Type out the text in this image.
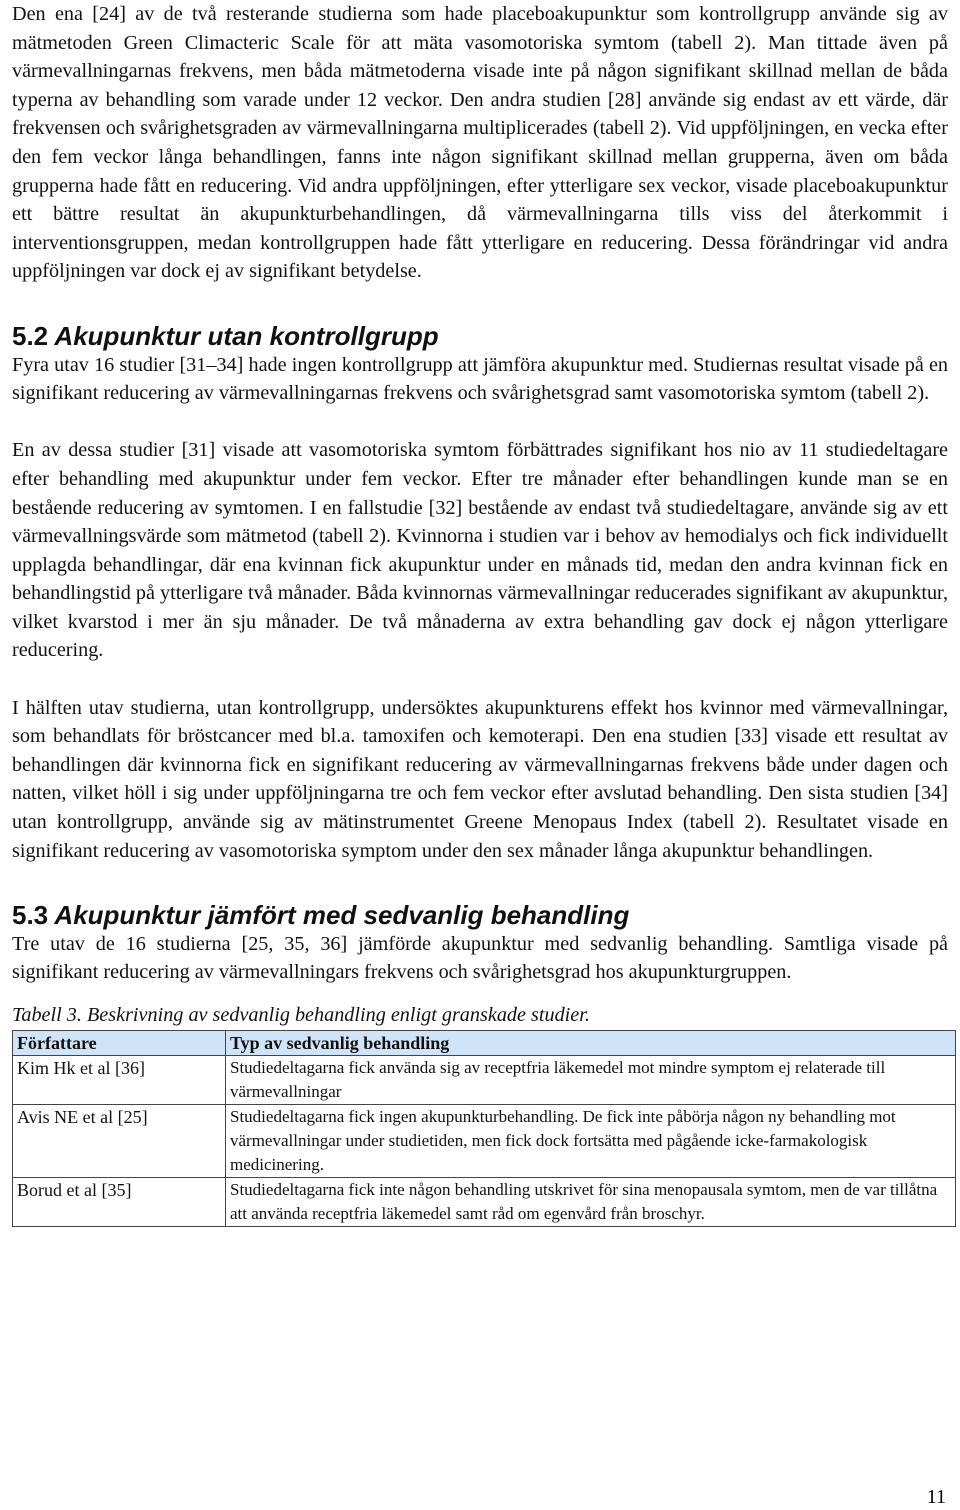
Den ena [24] av de två resterande studierna som hade placeboakupunktur som kontrollgrupp använde sig av mätmetoden Green Climacteric Scale för att mäta vasomotoriska symtom (tabell 2). Man tittade även på värmevallningarnas frekvens, men båda mätmetoderna visade inte på någon signifikant skillnad mellan de båda typerna av behandling som varade under 12 veckor. Den andra studien [28] använde sig endast av ett värde, där frekvensen och svårighetsgraden av värmevallningarna multiplicerades (tabell 2). Vid uppföljningen, en vecka efter den fem veckor långa behandlingen, fanns inte någon signifikant skillnad mellan grupperna, även om båda grupperna hade fått en reducering. Vid andra uppföljningen, efter ytterligare sex veckor, visade placeboakupunktur ett bättre resultat än akupunkturbehandlingen, då värmevallningarna tills viss del återkommit i interventionsgruppen, medan kontrollgruppen hade fått ytterligare en reducering. Dessa förändringar vid andra uppföljningen var dock ej av signifikant betydelse.

5.2 Akupunktur utan kontrollgrupp

Fyra utav 16 studier [31–34] hade ingen kontrollgrupp att jämföra akupunktur med. Studiernas resultat visade på en signifikant reducering av värmevallningarnas frekvens och svårighetsgrad samt vasomotoriska symtom (tabell 2).

En av dessa studier [31] visade att vasomotoriska symtom förbättrades signifikant hos nio av 11 studiedeltagare efter behandling med akupunktur under fem veckor. Efter tre månader efter behandlingen kunde man se en bestående reducering av symtomen. I en fallstudie [32] bestående av endast två studiedeltagare, använde sig av ett värmevallningsvärde som mätmetod (tabell 2). Kvinnorna i studien var i behov av hemodialys och fick individuellt upplagda behandlingar, där ena kvinnan fick akupunktur under en månads tid, medan den andra kvinnan fick en behandlingstid på ytterligare två månader. Båda kvinnornas värmevallningar reducerades signifikant av akupunktur, vilket kvarstod i mer än sju månader. De två månaderna av extra behandling gav dock ej någon ytterligare reducering.

I hälften utav studierna, utan kontrollgrupp, undersöktes akupunkturens effekt hos kvinnor med värmevallningar, som behandlats för bröstcancer med bl.a. tamoxifen och kemoterapi. Den ena studien [33] visade ett resultat av behandlingen där kvinnorna fick en signifikant reducering av värmevallningarnas frekvens både under dagen och natten, vilket höll i sig under uppföljningarna tre och fem veckor efter avslutad behandling. Den sista studien [34] utan kontrollgrupp, använde sig av mätinstrumentet Greene Menopaus Index (tabell 2). Resultatet visade en signifikant reducering av vasomotoriska symptom under den sex månader långa akupunktur behandlingen.

5.3 Akupunktur jämfört med sedvanlig behandling

Tre utav de 16 studierna [25, 35, 36] jämförde akupunktur med sedvanlig behandling. Samtliga visade på signifikant reducering av värmevallningars frekvens och svårighetsgrad hos akupunkturgruppen.

Tabell 3. Beskrivning av sedvanlig behandling enligt granskade studier.

Författare	Typ av sedvanlig behandling
Kim Hk et al [36]	Studiedeltagarna fick använda sig av receptfria läkemedel mot mindre symptom ej relaterade till värmevallningar
Avis NE et al [25]	Studiedeltagarna fick ingen akupunkturbehandling. De fick inte påbörja någon ny behandling mot värmevallningar under studietiden, men fick dock fortsätta med pågående icke-farmakologisk medicinering.
Borud et al [35]	Studiedeltagarna fick inte någon behandling utskrivet för sina menopausala symtom, men de var tillåtna att använda receptfria läkemedel samt råd om egenvård från broschyr.
11
